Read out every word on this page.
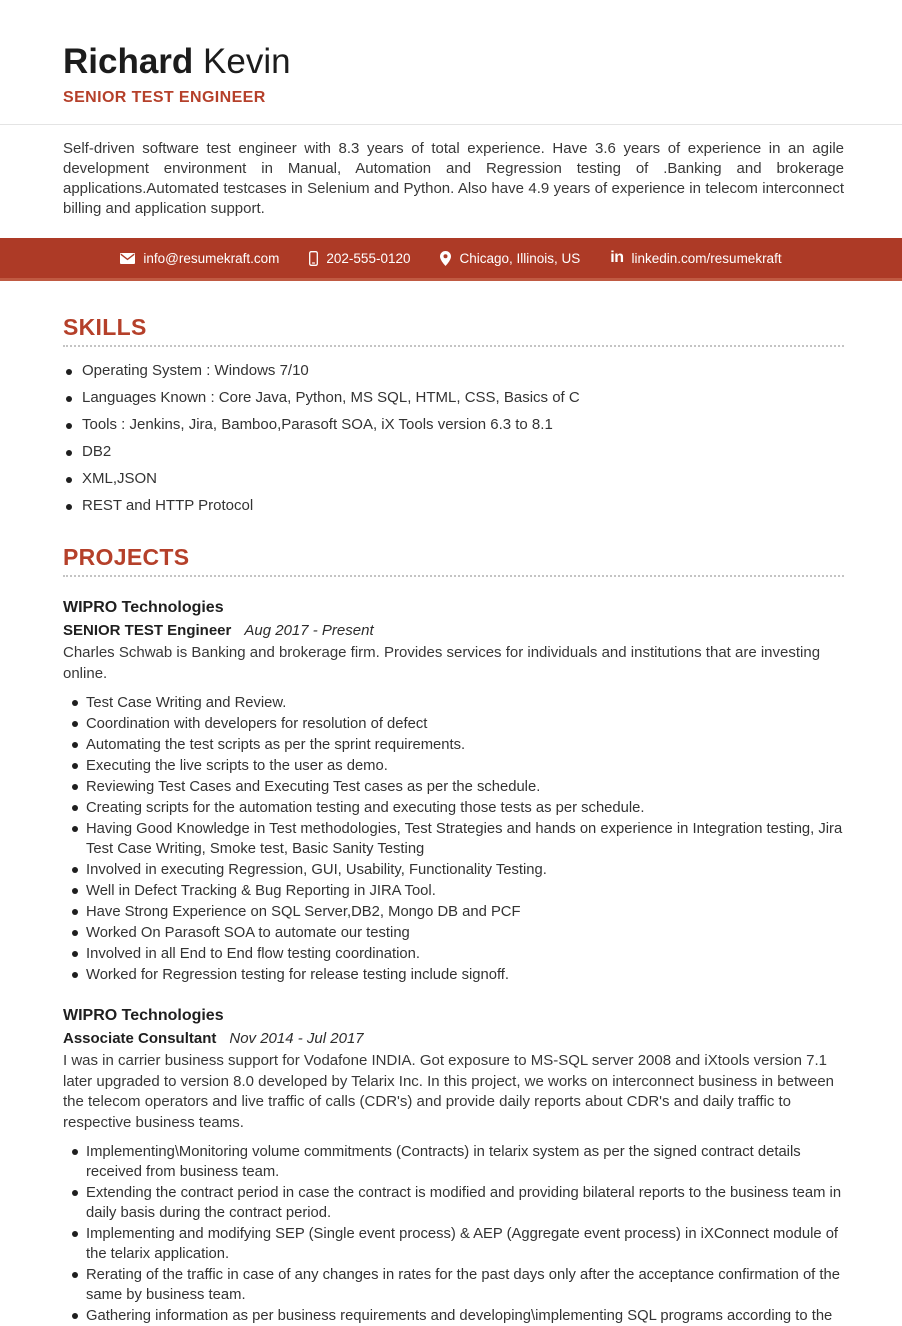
Richard Kevin
SENIOR TEST ENGINEER
Self-driven software test engineer with 8.3 years of total experience. Have 3.6 years of experience in an agile development environment in Manual, Automation and Regression testing of .Banking and brokerage applications.Automated testcases in Selenium and Python. Also have 4.9 years of experience in telecom interconnect billing and application support.
info@resumekraft.com	202-555-0120	Chicago, Illinois, US in linkedin.com/resumekraft
SKILLS
Operating System : Windows 7/10
Languages Known : Core Java, Python, MS SQL, HTML, CSS, Basics of C
Tools : Jenkins, Jira, Bamboo,Parasoft SOA, iX Tools version 6.3 to 8.1
DB2
XML,JSON
REST and HTTP Protocol
PROJECTS
WIPRO Technologies
SENIOR TEST Engineer Aug 2017 - Present
Charles Schwab is Banking and brokerage firm. Provides services for individuals and institutions that are investing online.
Test Case Writing and Review.
Coordination with developers for resolution of defect
Automating the test scripts as per the sprint requirements.
Executing the live scripts to the user as demo.
Reviewing Test Cases and Executing Test cases as per the schedule.
Creating scripts for the automation testing and executing those tests as per schedule.
Having Good Knowledge in Test methodologies, Test Strategies and hands on experience in Integration testing, Jira Test Case Writing, Smoke test, Basic Sanity Testing
Involved in executing Regression, GUI, Usability, Functionality Testing.
Well in Defect Tracking & Bug Reporting in JIRA Tool.
Have Strong Experience on SQL Server,DB2, Mongo DB and PCF
Worked On Parasoft SOA to automate our testing
Involved in all End to End flow testing coordination.
Worked for Regression testing for release testing include signoff.
WIPRO Technologies
Associate Consultant Nov 2014 - Jul 2017
I was in carrier business support for Vodafone INDIA. Got exposure to MS-SQL server 2008 and iXtools version 7.1 later upgraded to version 8.0 developed by Telarix Inc. In this project, we works on interconnect business in between the telecom operators and live traffic of calls (CDR's) and provide daily reports about CDR's and daily traffic to respective business teams.
Implementing\Monitoring volume commitments (Contracts) in telarix system as per the signed contract details received from business team.
Extending the contract period in case the contract is modified and providing bilateral reports to the business team in daily basis during the contract period.
Implementing and modifying SEP (Single event process) & AEP (Aggregate event process) in iXConnect module of the telarix application.
Rerating of the traffic in case of any changes in rates for the past days only after the acceptance confirmation of the same by business team.
Gathering information as per business requirements and developing\implementing SQL programs according to the
